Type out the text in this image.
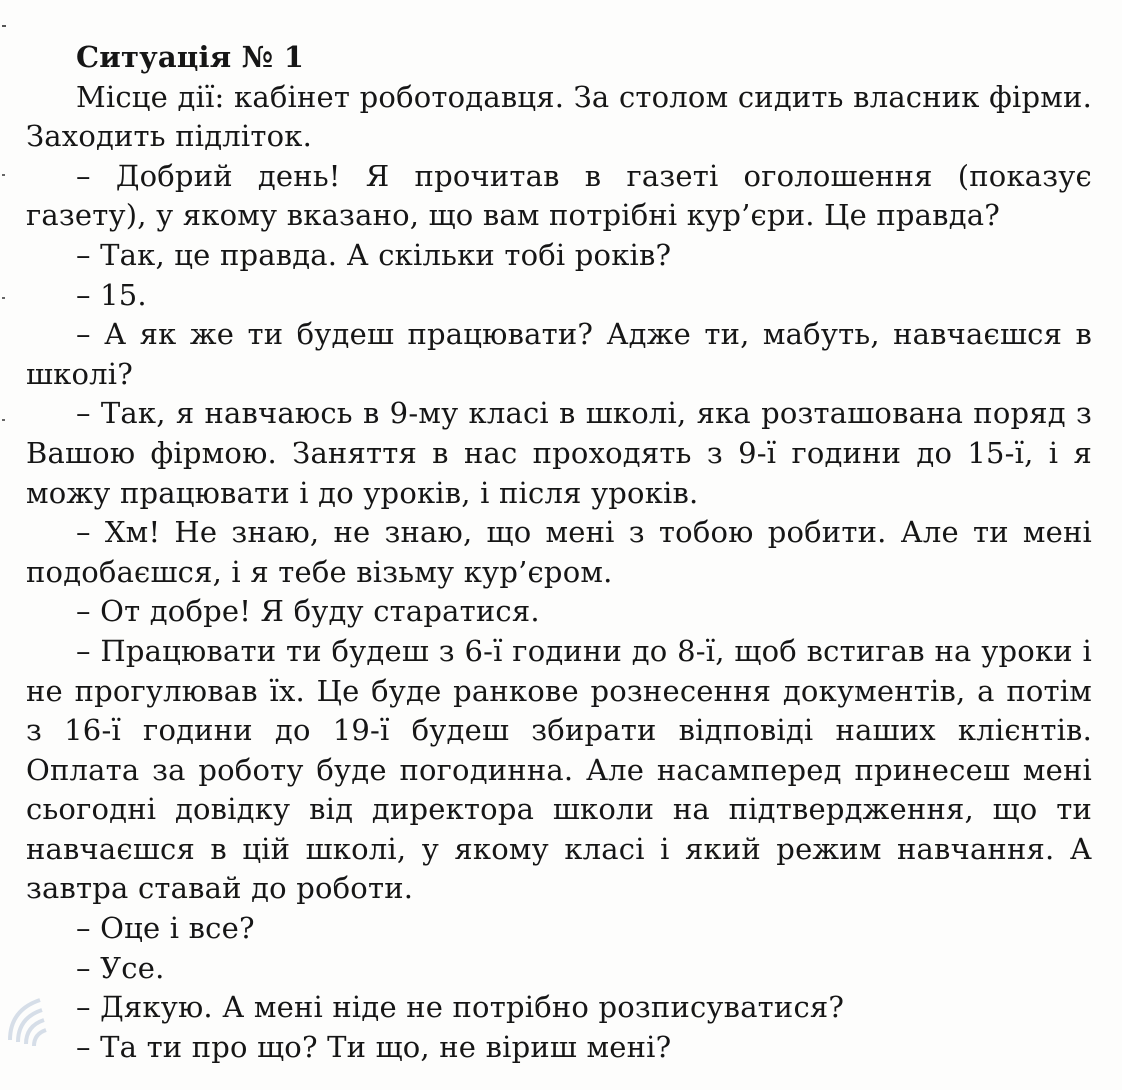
Ситуація № 1

Місце дії: кабінет роботодавця. За столом сидить власник фірми. Заходить підліток.

– Добрий день! Я прочитав в газеті оголошення (показує газету), у якому вказано, що вам потрібні кур’єри. Це правда?

– Так, це правда. А скільки тобі років?

– 15.

– А як же ти будеш працювати? Адже ти, мабуть, навчаєшся в школі?

– Так, я навчаюсь в 9-му класі в школі, яка розташована поряд з Вашою фірмою. Заняття в нас проходять з 9-ї години до 15-ї, і я можу працювати і до уроків, і після уроків.

– Хм! Не знаю, не знаю, що мені з тобою робити. Але ти мені подобаєшся, і я тебе візьму кур’єром.

– От добре! Я буду старатися.

– Працювати ти будеш з 6-ї години до 8-ї, щоб встигав на уроки і не прогулював їх. Це буде ранкове рознесення документів, а потім з 16-ї години до 19-ї будеш збирати відповіді наших клієнтів. Оплата за роботу буде погодинна. Але насамперед принесеш мені сьогодні довідку від директора школи на підтвердження, що ти навчаєшся в цій школі, у якому класі і який режим навчання. А завтра ставай до роботи.

– Оце і все?

– Усе.

– Дякую. А мені ніде не потрібно розписуватися?

– Та ти про що? Ти що, не віриш мені?
